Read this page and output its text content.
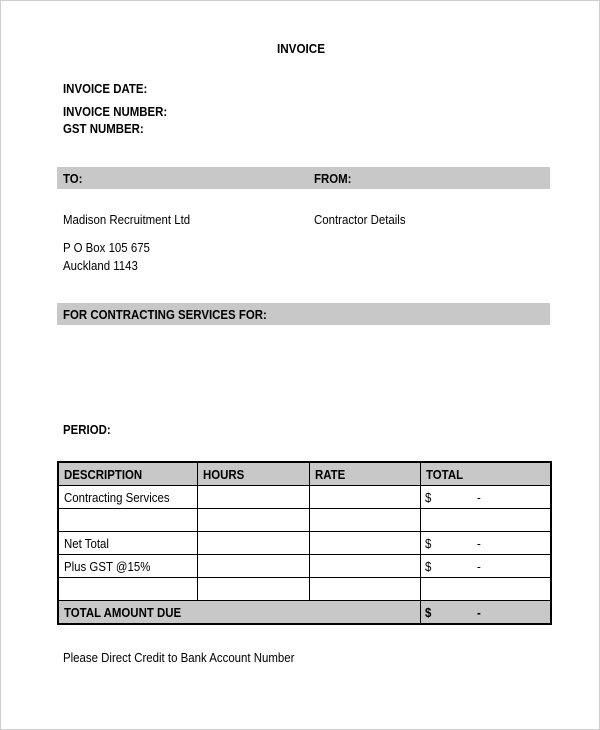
INVOICE
INVOICE DATE:
INVOICE NUMBER:
GST NUMBER:
TO:	FROM:
Madison Recruitment Ltd
P O Box 105 675
Auckland 1143
Contractor Details
FOR CONTRACTING SERVICES FOR:
PERIOD:
DESCRIPTION	HOURS	RATE	TOTAL
Contracting Services			$ -

Net Total			$ -

Plus GST @15%			$ -

TOTAL AMOUNT DUE			$ -
Please Direct Credit to Bank Account Number
